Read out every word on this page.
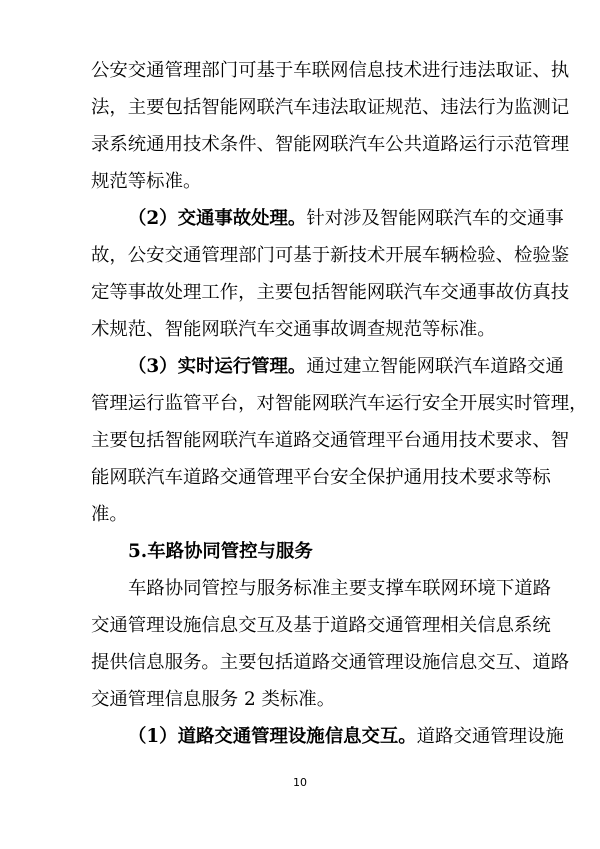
公安交通管理部门可基于车联网信息技术进行违法取证、执
法，主要包括智能网联汽车违法取证规范、违法行为监测记
录系统通用技术条件、智能网联汽车公共道路运行示范管理
规范等标准。
（2）交通事故处理。针对涉及智能网联汽车的交通事
故，公安交通管理部门可基于新技术开展车辆检验、检验鉴
定等事故处理工作，主要包括智能网联汽车交通事故仿真技
术规范、智能网联汽车交通事故调查规范等标准。
（3）实时运行管理。通过建立智能网联汽车道路交通
管理运行监管平台，对智能网联汽车运行安全开展实时管理，
主要包括智能网联汽车道路交通管理平台通用技术要求、智
能网联汽车道路交通管理平台安全保护通用技术要求等标
准。
5.车路协同管控与服务
车路协同管控与服务标准主要支撑车联网环境下道路
交通管理设施信息交互及基于道路交通管理相关信息系统
提供信息服务。主要包括道路交通管理设施信息交互、道路
交通管理信息服务 2 类标准。
（1）道路交通管理设施信息交互。道路交通管理设施
10
